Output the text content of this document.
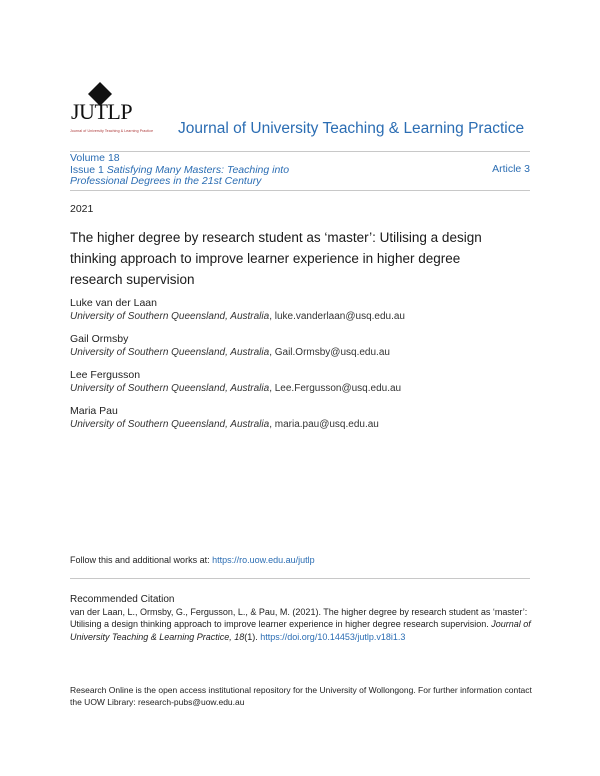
JUTLP
Journal of University Teaching & Learning Practice Journal of University Teaching & Learning Practice
Volume 18
Issue 1 Satisfying Many Masters: Teaching into
Professional Degrees in the 21st Century
Article 3
2021
The higher degree by research student as ‘master’: Utilising a design thinking approach to improve learner experience in higher degree research supervision
Luke van der Laan
University of Southern Queensland, Australia, luke.vanderlaan@usq.edu.au
Gail Ormsby
University of Southern Queensland, Australia, Gail.Ormsby@usq.edu.au
Lee Fergusson
University of Southern Queensland, Australia, Lee.Fergusson@usq.edu.au
Maria Pau
University of Southern Queensland, Australia, maria.pau@usq.edu.au
Follow this and additional works at: https://ro.uow.edu.au/jutlp
Recommended Citation
van der Laan, L., Ormsby, G., Fergusson, L., & Pau, M. (2021). The higher degree by research student as ‘master’: Utilising a design thinking approach to improve learner experience in higher degree research supervision. Journal of University Teaching & Learning Practice, 18(1). https://doi.org/10.14453/jutlp.v18i1.3
Research Online is the open access institutional repository for the University of Wollongong. For further information contact the UOW Library: research-pubs@uow.edu.au
